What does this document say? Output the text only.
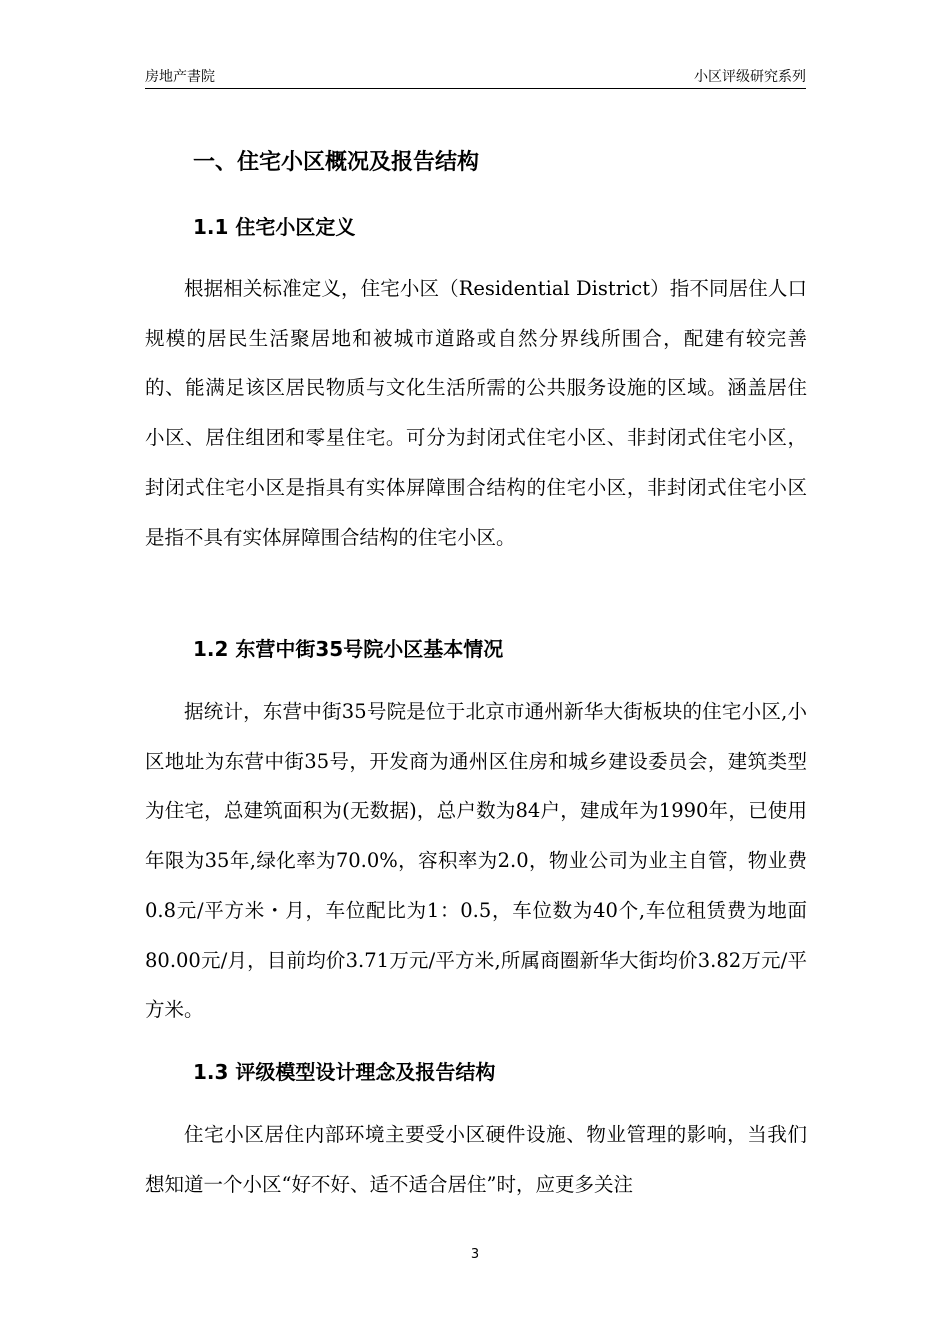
房地产書院	小区评级研究系列
一、住宅小区概况及报告结构
1.1 住宅小区定义

根据相关标准定义，住宅小区（Residential District）指不同居住人口规模的居民生活聚居地和被城市道路或自然分界线所围合，配建有较完善的、能满足该区居民物质与文化生活所需的公共服务设施的区域。涵盖居住小区、居住组团和零星住宅。可分为封闭式住宅小区、非封闭式住宅小区，封闭式住宅小区是指具有实体屏障围合结构的住宅小区，非封闭式住宅小区是指不具有实体屏障围合结构的住宅小区。

1.2 东营中街35号院小区基本情况

据统计，东营中街35号院是位于北京市通州新华大街板块的住宅小区,小区地址为东营中街35号，开发商为通州区住房和城乡建设委员会，建筑类型为住宅，总建筑面积为(无数据)，总户数为84户，建成年为1990年，已使用年限为35年,绿化率为70.0%，容积率为2.0，物业公司为业主自管，物业费0.8元/平方米・月，车位配比为1：0.5，车位数为40个,车位租赁费为地面80.00元/月，目前均价3.71万元/平方米,所属商圈新华大街均价3.82万元/平方米。

1.3 评级模型设计理念及报告结构

住宅小区居住内部环境主要受小区硬件设施、物业管理的影响，当我们想知道一个小区“好不好、适不适合居住”时，应更多关注

3
